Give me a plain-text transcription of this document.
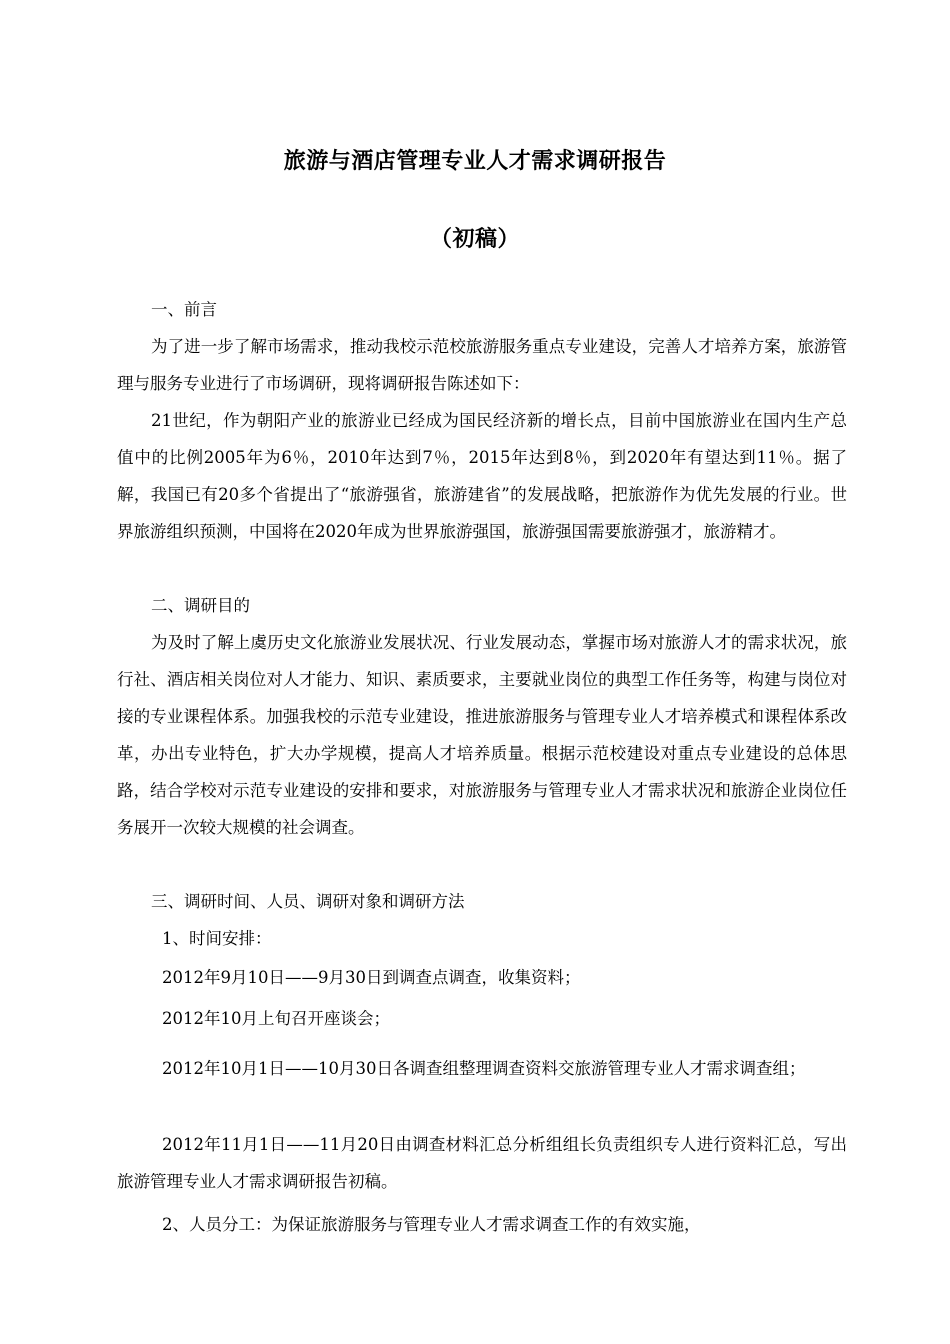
旅游与酒店管理专业人才需求调研报告
（初稿）

一、前言

为了进一步了解市场需求，推动我校示范校旅游服务重点专业建设，完善人才培养方案，旅游管理与服务专业进行了市场调研，现将调研报告陈述如下：

21世纪，作为朝阳产业的旅游业已经成为国民经济新的增长点，目前中国旅游业在国内生产总值中的比例2005年为6％，2010年达到7％，2015年达到8％，到2020年有望达到11％。据了解，我国已有20多个省提出了“旅游强省，旅游建省”的发展战略，把旅游作为优先发展的行业。世界旅游组织预测，中国将在2020年成为世界旅游强国，旅游强国需要旅游强才，旅游精才。

二、调研目的

为及时了解上虞历史文化旅游业发展状况、行业发展动态，掌握市场对旅游人才的需求状况，旅行社、酒店相关岗位对人才能力、知识、素质要求，主要就业岗位的典型工作任务等，构建与岗位对接的专业课程体系。加强我校的示范专业建设，推进旅游服务与管理专业人才培养模式和课程体系改革，办出专业特色，扩大办学规模，提高人才培养质量。根据示范校建设对重点专业建设的总体思路，结合学校对示范专业建设的安排和要求，对旅游服务与管理专业人才需求状况和旅游企业岗位任务展开一次较大规模的社会调查。

三、调研时间、人员、调研对象和调研方法

1、时间安排：

2012年9月10日——9月30日到调查点调查，收集资料；

2012年10月上旬召开座谈会；

2012年10月1日——10月30日各调查组整理调查资料交旅游管理专业人才需求调查组；

2012年11月1日——11月20日由调查材料汇总分析组组长负责组织专人进行资料汇总，写出旅游管理专业人才需求调研报告初稿。

2、人员分工：为保证旅游服务与管理专业人才需求调查工作的有效实施，
